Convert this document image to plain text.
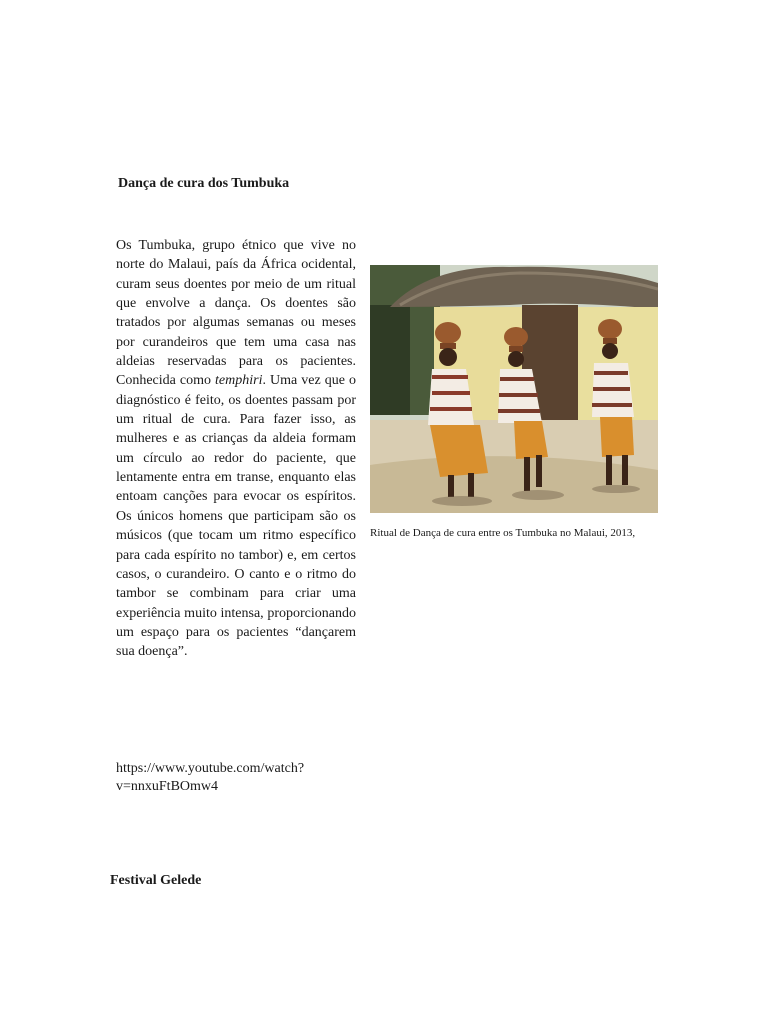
Dança de cura dos Tumbuka

Os Tumbuka, grupo étnico que vive no norte do Malaui, país da África ocidental, curam seus doentes por meio de um ritual que envolve a dança. Os doentes são tratados por algumas semanas ou meses por curandeiros que tem uma casa nas aldeias reservadas para os pacientes. Conhecida como temphiri. Uma vez que o diagnóstico é feito, os doentes passam por um ritual de cura. Para fazer isso, as mulheres e as crianças da aldeia formam um círculo ao redor do paciente, que lentamente entra em transe, enquanto elas entoam canções para evocar os espíritos. Os únicos homens que participam são os músicos (que tocam um ritmo específico para cada espírito no tambor) e, em certos casos, o curandeiro. O canto e o ritmo do tambor se combinam para criar uma experiência muito intensa, proporcionando um espaço para os pacientes “dançarem sua doença”.

https://www.youtube.com/watch?
v=nnxuFtBOmw4

Ritual de Dança de cura entre os Tumbuka no Malaui, 2013,

Festival Gelede
